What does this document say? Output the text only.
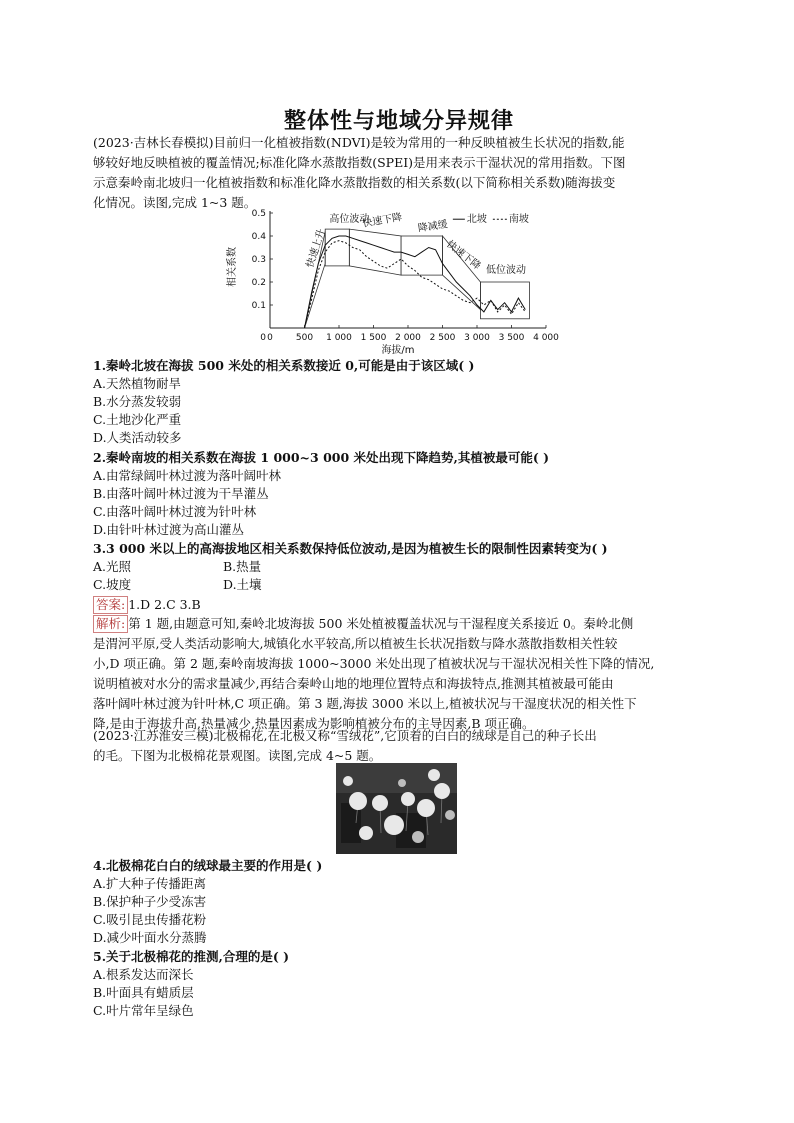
整体性与地域分异规律
(2023·吉林长春模拟)目前归一化植被指数(NDVI)是较为常用的一种反映植被生长状况的指数,能
够较好地反映植被的覆盖情况;标准化降水蒸散指数(SPEI)是用来表示干湿状况的常用指数。下图
示意秦岭南北坡归一化植被指数和标准化降水蒸散指数的相关系数(以下简称相关系数)随海拔变
化情况。读图,完成 1~3 题。
0	500 1 000 1 500 2 000 2 500 3 000 3 500 4 000
0.1
0.2
0.3
0.4
0.5
0
海拔/m
相关系数
高位波动
快速上升
快速下降 降减缓
快速下降 低位波动
北坡 南坡
1.秦岭北坡在海拔 500 米处的相关系数接近 0,可能是由于该区域( )
A.天然植物耐旱
B.水分蒸发较弱
C.土地沙化严重
D.人类活动较多
2.秦岭南坡的相关系数在海拔 1 000~3 000 米处出现下降趋势,其植被最可能( )
A.由常绿阔叶林过渡为落叶阔叶林
B.由落叶阔叶林过渡为干旱灌丛
C.由落叶阔叶林过渡为针叶林
D.由针叶林过渡为高山灌丛
3.3 000 米以上的高海拔地区相关系数保持低位波动,是因为植被生长的限制性因素转变为( )
A.光照	B.热量
C.坡度	D.土壤
答案: 1.D 2.C 3.B
解析: 第 1 题,由题意可知,秦岭北坡海拔 500 米处植被覆盖状况与干湿程度关系接近 0。秦岭北侧
是渭河平原,受人类活动影响大,城镇化水平较高,所以植被生长状况指数与降水蒸散指数相关性较
小,D 项正确。第 2 题,秦岭南坡海拔 1000~3000 米处出现了植被状况与干湿状况相关性下降的情况,
说明植被对水分的需求量减少,再结合秦岭山地的地理位置特点和海拔特点,推测其植被最可能由
落叶阔叶林过渡为针叶林,C 项正确。第 3 题,海拔 3000 米以上,植被状况与干湿度状况的相关性下
降,是由于海拔升高,热量减少,热量因素成为影响植被分布的主导因素,B 项正确。
(2023·江苏淮安三模)北极棉花,在北极又称“雪绒花”,它顶着的白白的绒球是自己的种子长出
的毛。下图为北极棉花景观图。读图,完成 4~5 题。
4.北极棉花白白的绒球最主要的作用是( )
A.扩大种子传播距离
B.保护种子少受冻害
C.吸引昆虫传播花粉
D.减少叶面水分蒸腾
5.关于北极棉花的推测,合理的是( )
A.根系发达而深长
B.叶面具有蜡质层
C.叶片常年呈绿色
